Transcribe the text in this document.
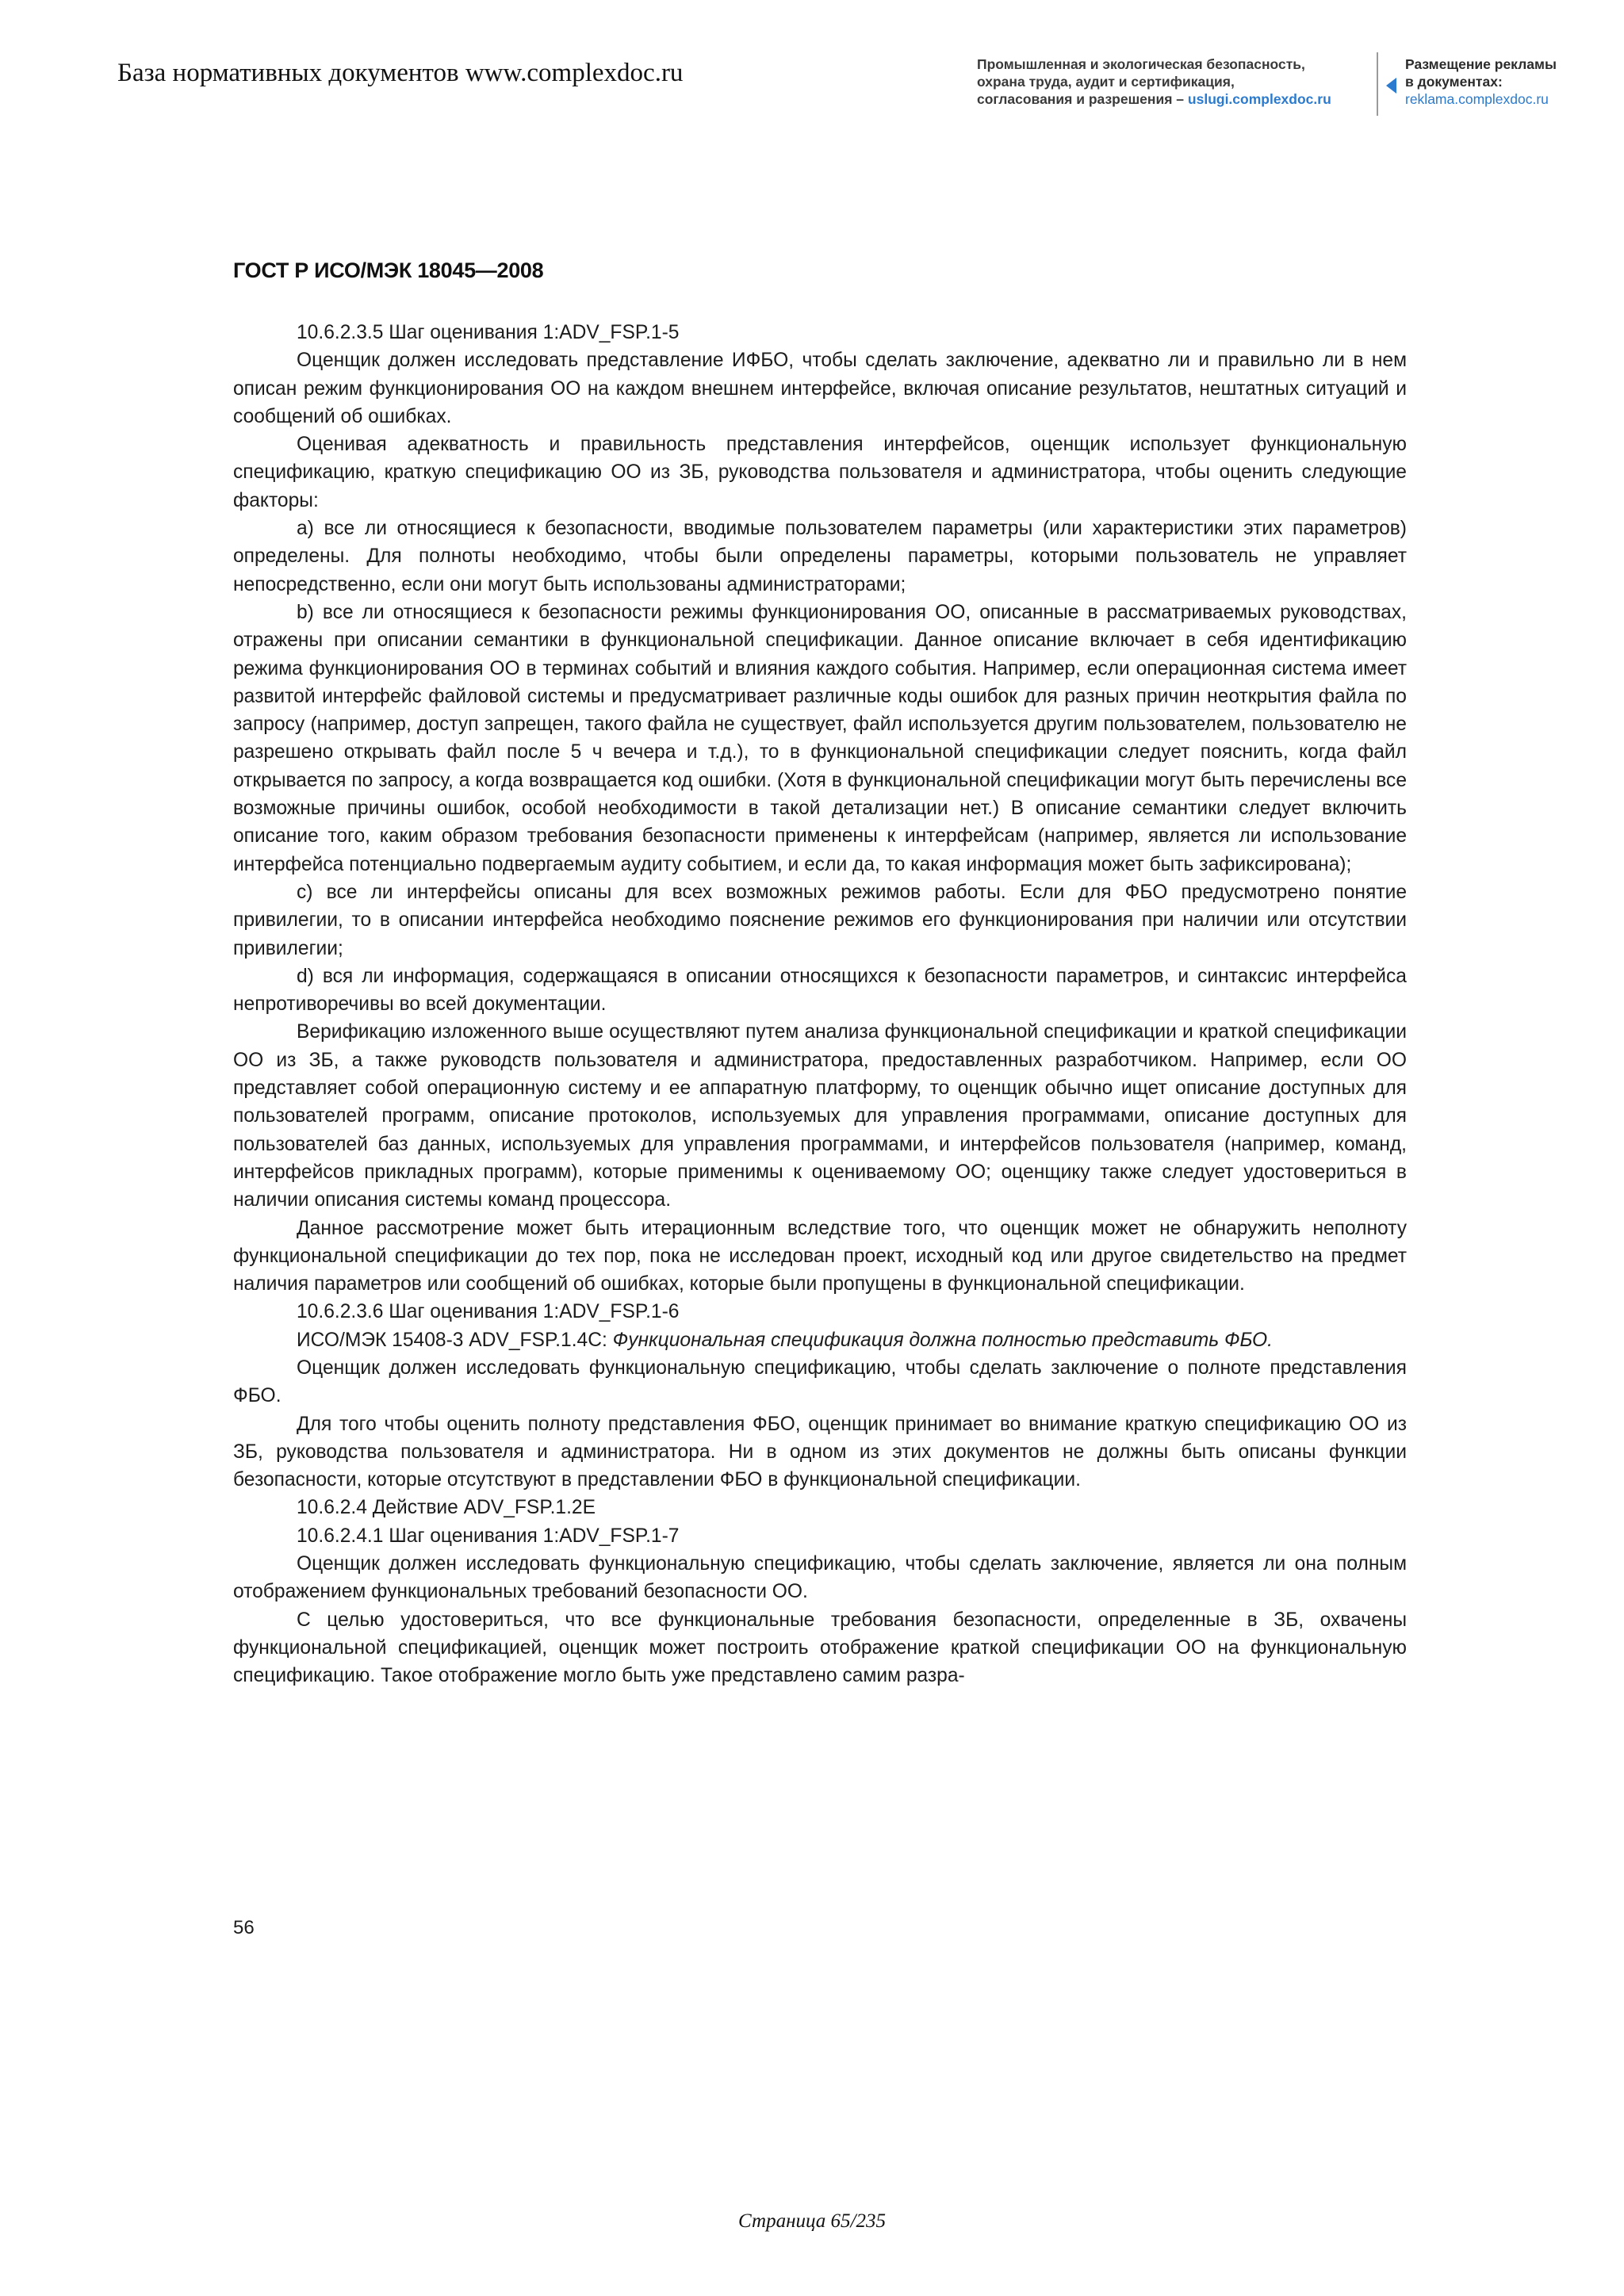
База нормативных документов www.complexdoc.ru	Промышленная и экологическая безопасность,
охрана труда, аудит и сертификация,
согласования и разрешения – uslugi.complexdoc.ru
Размещение рекламы
в документах:
reklama.complexdoc.ru
ГОСТ Р ИСО/МЭК 18045—2008

10.6.2.3.5 Шаг оценивания 1:ADV_FSP.1-5

Оценщик должен исследовать представление ИФБО, чтобы сделать заключение, адекватно ли и правильно ли в нем описан режим функционирования ОО на каждом внешнем интерфейсе, включая описание результатов, нештатных ситуаций и сообщений об ошибках.

Оценивая адекватность и правильность представления интерфейсов, оценщик использует функциональную спецификацию, краткую спецификацию ОО из ЗБ, руководства пользователя и администратора, чтобы оценить следующие факторы:

a) все ли относящиеся к безопасности, вводимые пользователем параметры (или характеристики этих параметров) определены. Для полноты необходимо, чтобы были определены параметры, которыми пользователь не управляет непосредственно, если они могут быть использованы администраторами;

b) все ли относящиеся к безопасности режимы функционирования ОО, описанные в рассматриваемых руководствах, отражены при описании семантики в функциональной спецификации. Данное описание включает в себя идентификацию режима функционирования ОО в терминах событий и влияния каждого события. Например, если операционная система имеет развитой интерфейс файловой системы и предусматривает различные коды ошибок для разных причин неоткрытия файла по запросу (например, доступ запрещен, такого файла не существует, файл используется другим пользователем, пользователю не разрешено открывать файл после 5 ч вечера и т.д.), то в функциональной спецификации следует пояснить, когда файл открывается по запросу, а когда возвращается код ошибки. (Хотя в функциональной спецификации могут быть перечислены все возможные причины ошибок, особой необходимости в такой детализации нет.) В описание семантики следует включить описание того, каким образом требования безопасности применены к интерфейсам (например, является ли использование интерфейса потенциально подвергаемым аудиту событием, и если да, то какая информация может быть зафиксирована);

c) все ли интерфейсы описаны для всех возможных режимов работы. Если для ФБО предусмотрено понятие привилегии, то в описании интерфейса необходимо пояснение режимов его функционирования при наличии или отсутствии привилегии;

d) вся ли информация, содержащаяся в описании относящихся к безопасности параметров, и синтаксис интерфейса непротиворечивы во всей документации.

Верификацию изложенного выше осуществляют путем анализа функциональной спецификации и краткой спецификации ОО из ЗБ, а также руководств пользователя и администратора, предоставленных разработчиком. Например, если ОО представляет собой операционную систему и ее аппаратную платформу, то оценщик обычно ищет описание доступных для пользователей программ, описание протоколов, используемых для управления программами, описание доступных для пользователей баз данных, используемых для управления программами, и интерфейсов пользователя (например, команд, интерфейсов прикладных программ), которые применимы к оцениваемому ОО; оценщику также следует удостовериться в наличии описания системы команд процессора.

Данное рассмотрение может быть итерационным вследствие того, что оценщик может не обнаружить неполноту функциональной спецификации до тех пор, пока не исследован проект, исходный код или другое свидетельство на предмет наличия параметров или сообщений об ошибках, которые были пропущены в функциональной спецификации.

10.6.2.3.6 Шаг оценивания 1:ADV_FSP.1-6

ИСО/МЭК 15408-3 ADV_FSP.1.4C: Функциональная спецификация должна полностью представить ФБО.

Оценщик должен исследовать функциональную спецификацию, чтобы сделать заключение о полноте представления ФБО.

Для того чтобы оценить полноту представления ФБО, оценщик принимает во внимание краткую спецификацию ОО из ЗБ, руководства пользователя и администратора. Ни в одном из этих документов не должны быть описаны функции безопасности, которые отсутствуют в представлении ФБО в функциональной спецификации.

10.6.2.4 Действие ADV_FSP.1.2E

10.6.2.4.1 Шаг оценивания 1:ADV_FSP.1-7

Оценщик должен исследовать функциональную спецификацию, чтобы сделать заключение, является ли она полным отображением функциональных требований безопасности ОО.

С целью удостовериться, что все функциональные требования безопасности, определенные в ЗБ, охвачены функциональной спецификацией, оценщик может построить отображение краткой спецификации ОО на функциональную спецификацию. Такое отображение могло быть уже представлено самим разра-

56
Страница 65/235
